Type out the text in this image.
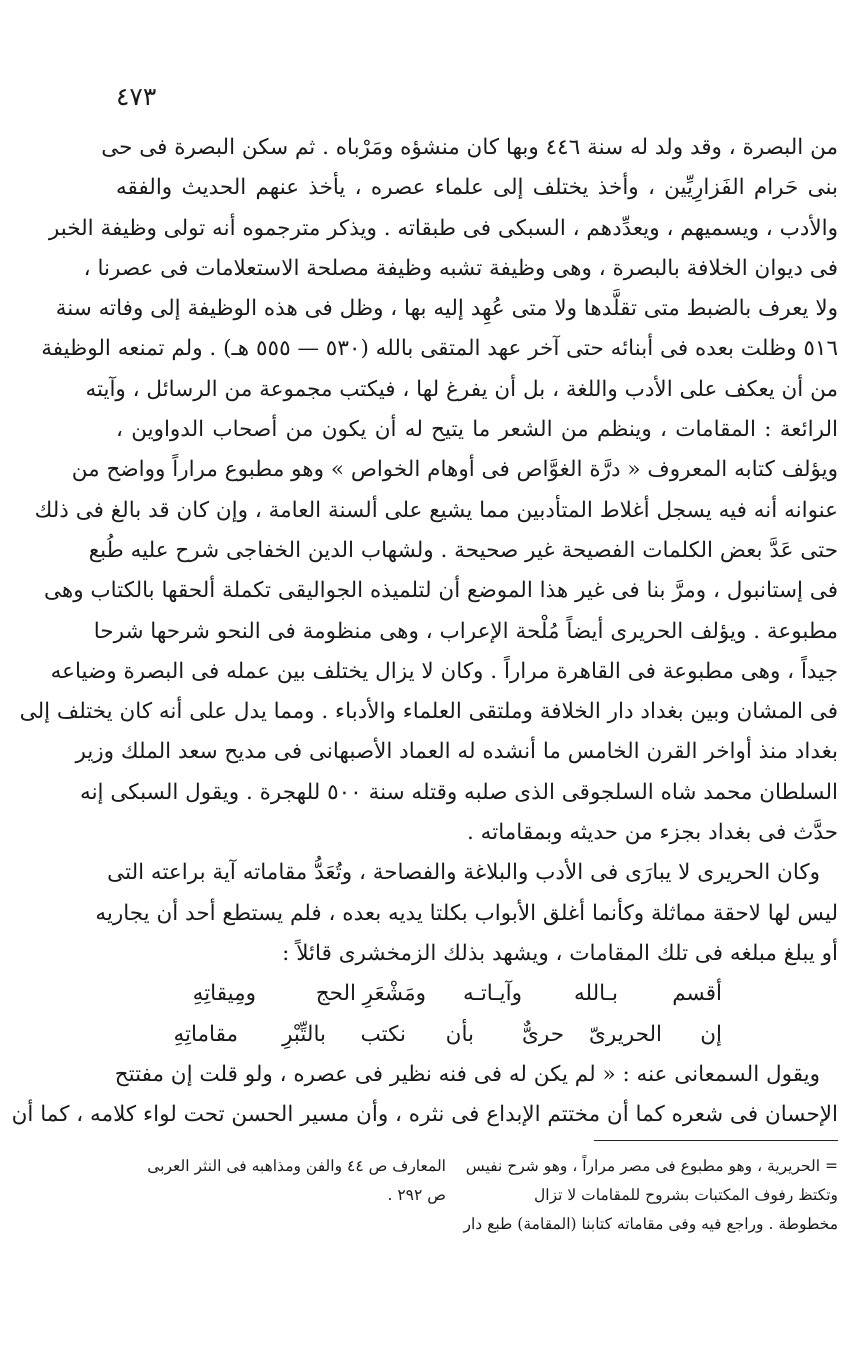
٤٧٣
من البصرة ، وقد ولد له سنة ٤٤٦ وبها كان منشؤه ومَرْباه . ثم سكن البصرة فى حى
بنى حَرام الفَزارِيِّين ، وأخذ يختلف إلى علماء عصره ، يأخذ عنهم الحديث والفقه
والأدب ، ويسميهم ، ويعدِّدهم ، السبكى فى طبقاته . ويذكر مترجموه أنه تولى وظيفة الخبر
فى ديوان الخلافة بالبصرة ، وهى وظيفة تشبه وظيفة مصلحة الاستعلامات فى عصرنا ،
ولا يعرف بالضبط متى تقلَّدها ولا متى عُهِد إليه بها ، وظل فى هذه الوظيفة إلى وفاته سنة
٥١٦ وظلت بعده فى أبنائه حتى آخر عهد المتقى بالله (٥٣٠ — ٥٥٥ هـ) . ولم تمنعه الوظيفة
من أن يعكف على الأدب واللغة ، بل أن يفرغ لها ، فيكتب مجموعة من الرسائل ، وآيته
الرائعة : المقامات ، وينظم من الشعر ما يتيح له أن يكون من أصحاب الدواوين ،
ويؤلف كتابه المعروف « درَّة الغوَّاص فى أوهام الخواص » وهو مطبوع مراراً وواضح من
عنوانه أنه فيه يسجل أغلاط المتأدبين مما يشيع على ألسنة العامة ، وإن كان قد بالغ فى ذلك
حتى عَدَّ بعض الكلمات الفصيحة غير صحيحة . ولشهاب الدين الخفاجى شرح عليه طُبع
فى إستانبول ، ومرَّ بنا فى غير هذا الموضع أن لتلميذه الجواليقى تكملة ألحقها بالكتاب وهى
مطبوعة . ويؤلف الحريرى أيضاً مُلْحة الإعراب ، وهى منظومة فى النحو شرحها شرحا
جيداً ، وهى مطبوعة فى القاهرة مراراً . وكان لا يزال يختلف بين عمله فى البصرة وضياعه
فى المشان وبين بغداد دار الخلافة وملتقى العلماء والأدباء . ومما يدل على أنه كان يختلف إلى
بغداد منذ أواخر القرن الخامس ما أنشده له العماد الأصبهانى فى مديح سعد الملك وزير
السلطان محمد شاه السلجوقى الذى صلبه وقتله سنة ٥٠٠ للهجرة . ويقول السبكى إنه
حدَّث فى بغداد بجزء من حديثه وبمقاماته .
وكان الحريرى لا يبارَى فى الأدب والبلاغة والفصاحة ، وتُعَدُّ مقاماته آية براعته التى
ليس لها لاحقة مماثلة وكأنما أغلق الأبواب بكلتا يديه بعده ، فلم يستطع أحد أن يجاريه
أو يبلغ مبلغه فى تلك المقامات ، ويشهد بذلك الزمخشرى قائلاً :
أقسم
بـالله
وآيـاتـه
ومَشْعَرِ
الحج
ومِيقاتِهِ
إن
الحريرىّ
حرىٌّ
بأن
نكتب
بالتِّبْرِ
مقاماتِهِ
ويقول السمعانى عنه : « لم يكن له فى فنه نظير فى عصره ، ولو قلت إن مفتتح
الإحسان فى شعره كما أن مختتم الإبداع فى نثره ، وأن مسير الحسن تحت لواء كلامه ، كما أن
= الحريرية ، وهو مطبوع فى مصر مراراً ، وهو شرح نفيس
المعارف ص ٤٤ والفن ومذاهبه فى النثر العربى
وتكتظ رفوف المكتبات بشروح للمقامات لا تزال
ص ٢٩٢ .
مخطوطة . وراجع فيه وفى مقاماته كتابنا (المقامة) طبع دار
